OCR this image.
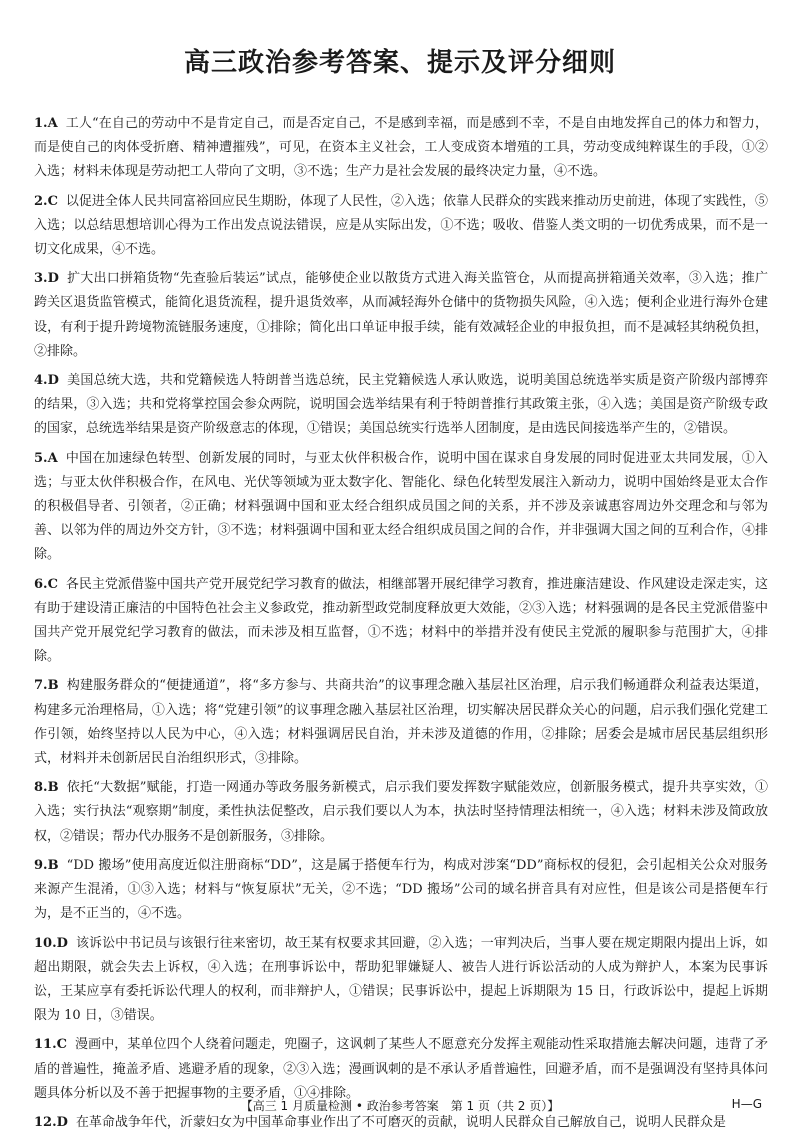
高三政治参考答案、提示及评分细则

1.A 工人“在自己的劳动中不是肯定自己，而是否定自己，不是感到幸福，而是感到不幸，不是自由地发挥自己的体力和智力，而是使自己的肉体受折磨、精神遭摧残”，可见，在资本主义社会，工人变成资本增殖的工具，劳动变成纯粹谋生的手段，①②入选；材料未体现是劳动把工人带向了文明，③不选；生产力是社会发展的最终决定力量，④不选。

2.C 以促进全体人民共同富裕回应民生期盼，体现了人民性，②入选；依靠人民群众的实践来推动历史前进，体现了实践性，⑤入选；以总结思想培训心得为工作出发点说法错误，应是从实际出发，①不选；吸收、借鉴人类文明的一切优秀成果，而不是一切文化成果，④不选。

3.D 扩大出口拼箱货物“先查验后装运”试点，能够使企业以散货方式进入海关监管仓，从而提高拼箱通关效率，③入选；推广跨关区退货监管模式，能简化退货流程，提升退货效率，从而减轻海外仓储中的货物损失风险，④入选；便利企业进行海外仓建设，有利于提升跨境物流链服务速度，①排除；简化出口单证申报手续，能有效减轻企业的申报负担，而不是减轻其纳税负担，②排除。

4.D 美国总统大选，共和党籍候选人特朗普当选总统，民主党籍候选人承认败选，说明美国总统选举实质是资产阶级内部博弈的结果，③入选；共和党将掌控国会参众两院，说明国会选举结果有利于特朗普推行其政策主张，④入选；美国是资产阶级专政的国家，总统选举结果是资产阶级意志的体现，①错误；美国总统实行选举人团制度，是由选民间接选举产生的，②错误。

5.A 中国在加速绿色转型、创新发展的同时，与亚太伙伴积极合作，说明中国在谋求自身发展的同时促进亚太共同发展，①入选；与亚太伙伴积极合作，在风电、光伏等领域为亚太数字化、智能化、绿色化转型发展注入新动力，说明中国始终是亚太合作的积极倡导者、引领者，②正确；材料强调中国和亚太经合组织成员国之间的关系，并不涉及亲诚惠容周边外交理念和与邻为善、以邻为伴的周边外交方针，③不选；材料强调中国和亚太经合组织成员国之间的合作，并非强调大国之间的互利合作，④排除。

6.C 各民主党派借鉴中国共产党开展党纪学习教育的做法，相继部署开展纪律学习教育，推进廉洁建设、作风建设走深走实，这有助于建设清正廉洁的中国特色社会主义参政党，推动新型政党制度释放更大效能，②③入选；材料强调的是各民主党派借鉴中国共产党开展党纪学习教育的做法，而未涉及相互监督，①不选；材料中的举措并没有使民主党派的履职参与范围扩大，④排除。

7.B 构建服务群众的“便捷通道”，将“多方参与、共商共治”的议事理念融入基层社区治理，启示我们畅通群众利益表达渠道，构建多元治理格局，①入选；将“党建引领”的议事理念融入基层社区治理，切实解决居民群众关心的问题，启示我们强化党建工作引领，始终坚持以人民为中心，④入选；材料强调居民自治，并未涉及道德的作用，②排除；居委会是城市居民基层组织形式，材料并未创新居民自治组织形式，③排除。

8.B 依托“大数据”赋能，打造一网通办等政务服务新模式，启示我们要发挥数字赋能效应，创新服务模式，提升共享实效，①入选；实行执法“观察期”制度，柔性执法促整改，启示我们要以人为本，执法时坚持情理法相统一，④入选；材料未涉及简政放权，②错误；帮办代办服务不是创新服务，③排除。

9.B “DD 搬场”使用高度近似注册商标“DD”，这是属于搭便车行为，构成对涉案“DD”商标权的侵犯，会引起相关公众对服务来源产生混淆，①③入选；材料与“恢复原状”无关，②不选；“DD 搬场”公司的域名拼音具有对应性，但是该公司是搭便车行为，是不正当的，④不选。

10.D 该诉讼中书记员与该银行往来密切，故王某有权要求其回避，②入选；一审判决后，当事人要在规定期限内提出上诉，如超出期限，就会失去上诉权，④入选；在刑事诉讼中，帮助犯罪嫌疑人、被告人进行诉讼活动的人成为辩护人，本案为民事诉讼，王某应享有委托诉讼代理人的权利，而非辩护人，①错误；民事诉讼中，提起上诉期限为 15 日，行政诉讼中，提起上诉期限为 10 日，③错误。

11.C 漫画中，某单位四个人绕着问题走，兜圈子，这讽刺了某些人不愿意充分发挥主观能动性采取措施去解决问题，违背了矛盾的普遍性，掩盖矛盾、逃避矛盾的现象，②③入选；漫画讽刺的是不承认矛盾普遍性，回避矛盾，而不是强调没有坚持具体问题具体分析以及不善于把握事物的主要矛盾，①④排除。

12.D 在革命战争年代，沂蒙妇女为中国革命事业作出了不可磨灭的贡献，说明人民群众自己解放自己，说明人民群众是

【高三 1 月质量检测 • 政治参考答案　第 1 页（共 2 页）】	H—G
